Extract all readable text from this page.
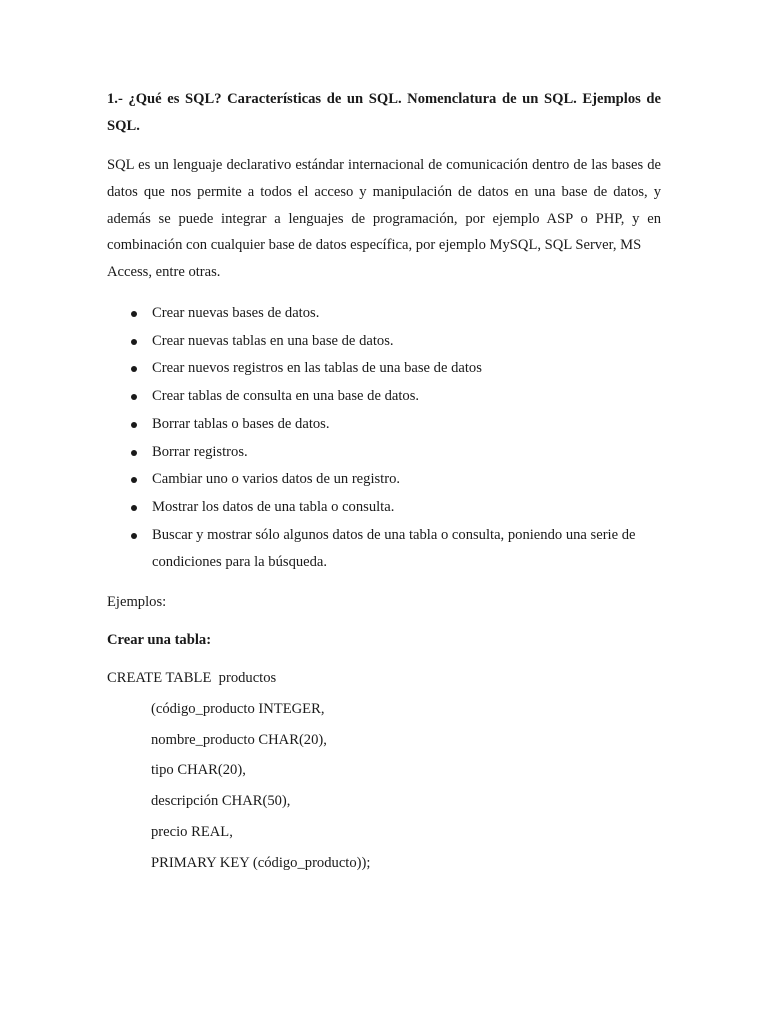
1.- ¿Qué es SQL? Características de un SQL. Nomenclatura de un SQL. Ejemplos de SQL.

SQL es un lenguaje declarativo estándar internacional de comunicación dentro de las bases de datos que nos permite a todos el acceso y manipulación de datos en una base de datos, y además se puede integrar a lenguajes de programación, por ejemplo ASP o PHP, y en combinación con cualquier base de datos específica, por ejemplo MySQL, SQL Server, MS
Access, entre otras.

Crear nuevas bases de datos.
Crear nuevas tablas en una base de datos.
Crear nuevos registros en las tablas de una base de datos
Crear tablas de consulta en una base de datos.
Borrar tablas o bases de datos.
Borrar registros.
Cambiar uno o varios datos de un registro.
Mostrar los datos de una tabla o consulta.
Buscar y mostrar sólo algunos datos de una tabla o consulta, poniendo una serie de condiciones para la búsqueda.

Ejemplos:

Crear una tabla:

CREATE TABLE  productos

(código_producto INTEGER,

nombre_producto CHAR(20),

tipo CHAR(20),

descripción CHAR(50),

precio REAL,

PRIMARY KEY (código_producto));
